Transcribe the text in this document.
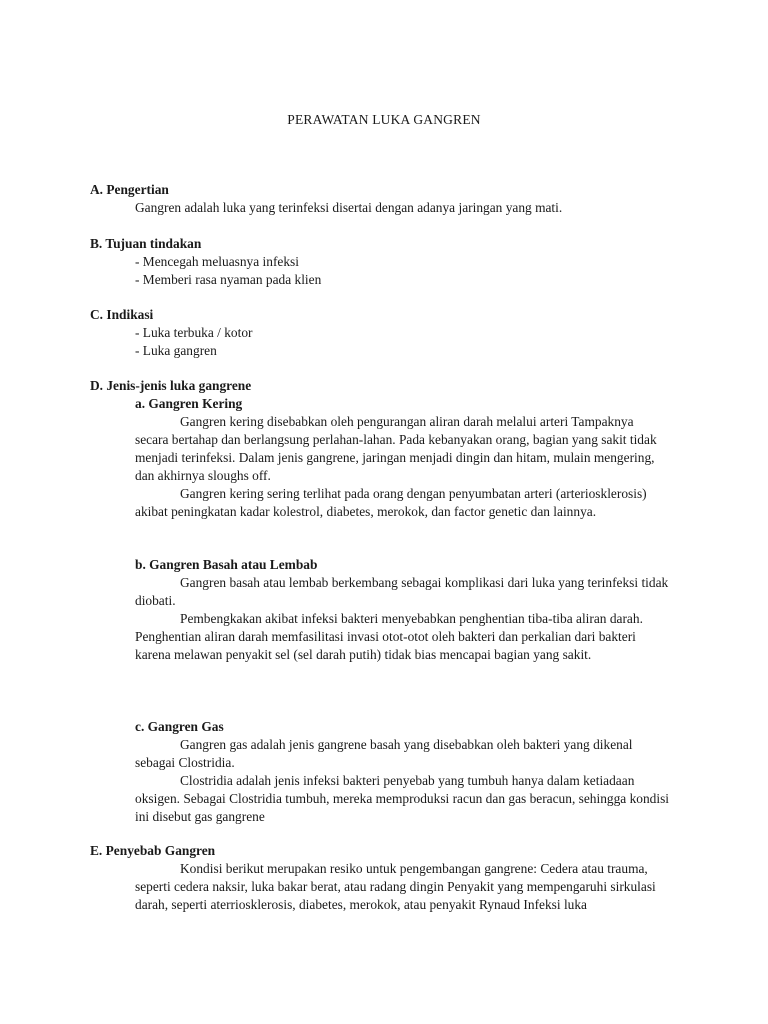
PERAWATAN LUKA GANGREN

A. Pengertian

Gangren adalah luka yang terinfeksi disertai dengan adanya jaringan yang mati.

B. Tujuan tindakan

- Mencegah meluasnya infeksi

- Memberi rasa nyaman pada klien

C. Indikasi

- Luka terbuka / kotor

- Luka gangren

D. Jenis-jenis luka gangrene

a. Gangren Kering

Gangren kering disebabkan oleh pengurangan aliran darah melalui arteri Tampaknya secara bertahap dan berlangsung perlahan-lahan. Pada kebanyakan orang, bagian yang sakit tidak menjadi terinfeksi. Dalam jenis gangrene, jaringan menjadi dingin dan hitam, mulain mengering, dan akhirnya sloughs off.

Gangren kering sering terlihat pada orang dengan penyumbatan arteri (arteriosklerosis) akibat peningkatan kadar kolestrol, diabetes, merokok, dan factor genetic dan lainnya.

b. Gangren Basah atau Lembab

Gangren basah atau lembab berkembang sebagai komplikasi dari luka yang terinfeksi tidak diobati.

Pembengkakan akibat infeksi bakteri menyebabkan penghentian tiba-tiba aliran darah.

Penghentian aliran darah memfasilitasi invasi otot-otot oleh bakteri dan perkalian dari bakteri karena melawan penyakit sel (sel darah putih) tidak bias mencapai bagian yang sakit.

c. Gangren Gas

Gangren gas adalah jenis gangrene basah yang disebabkan oleh bakteri yang dikenal sebagai Clostridia.

Clostridia adalah jenis infeksi bakteri penyebab yang tumbuh hanya dalam ketiadaan oksigen. Sebagai Clostridia tumbuh, mereka memproduksi racun dan gas beracun, sehingga kondisi ini disebut gas gangrene

E. Penyebab Gangren

Kondisi berikut merupakan resiko untuk pengembangan gangrene: Cedera atau trauma, seperti cedera naksir, luka bakar berat, atau radang dingin Penyakit yang mempengaruhi sirkulasi darah, seperti aterriosklerosis, diabetes, merokok, atau penyakit Rynaud Infeksi luka
